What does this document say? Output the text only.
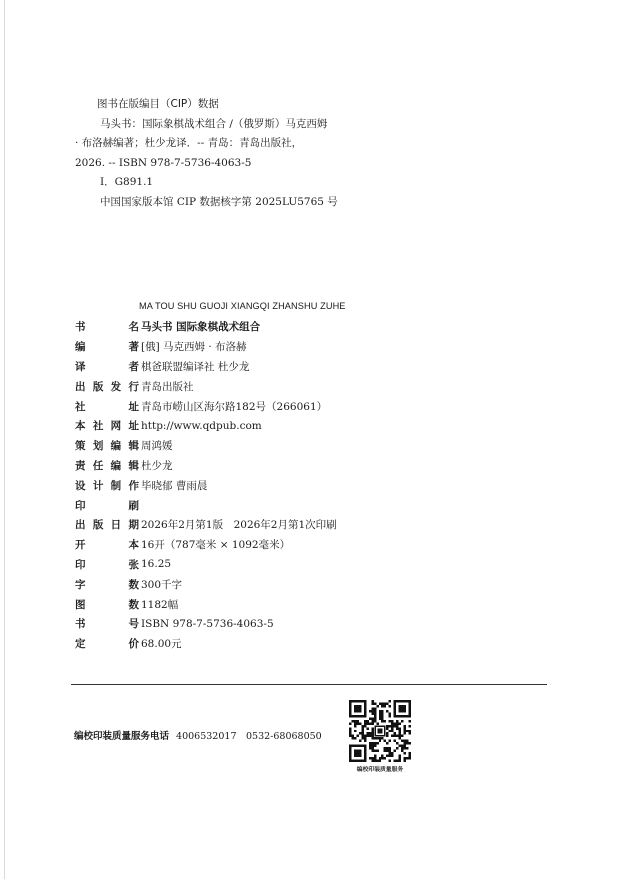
图书在版编目（CIP）数据
马头书：国际象棋战术组合 /（俄罗斯）马克西姆
· 布洛赫编著；杜少龙译．-- 青岛：青岛出版社，
2026. -- ISBN 978-7-5736-4063-5
Ⅰ．G891.1
中国国家版本馆 CIP 数据核字第 2025LU5765 号
MA TOU SHU GUOJI XIANGQI ZHANSHU ZUHE
书	名 马头书 国际象棋战术组合
编	著 [俄] 马克西姆 · 布洛赫
译	者 棋爸联盟编译社 杜少龙
出 版 发 行 青岛出版社
社	址 青岛市崂山区海尔路182号（266061）
本 社 网 址 http://www.qdpub.com
策 划 编 辑 周鸿媛
责 任 编 辑 杜少龙
设 计 制 作 毕晓郁 曹雨晨
印	刷
出 版 日 期 2026年2月第1版　2026年2月第1次印刷
开	本 16开（787毫米 × 1092毫米）
印	张 16.25
字	数 300千字
图	数 1182幅
书	号 ISBN 978-7-5736-4063-5
定	价 68.00元
编校印装质量服务电话 4006532017　0532-68068050
编校印装质量服务
